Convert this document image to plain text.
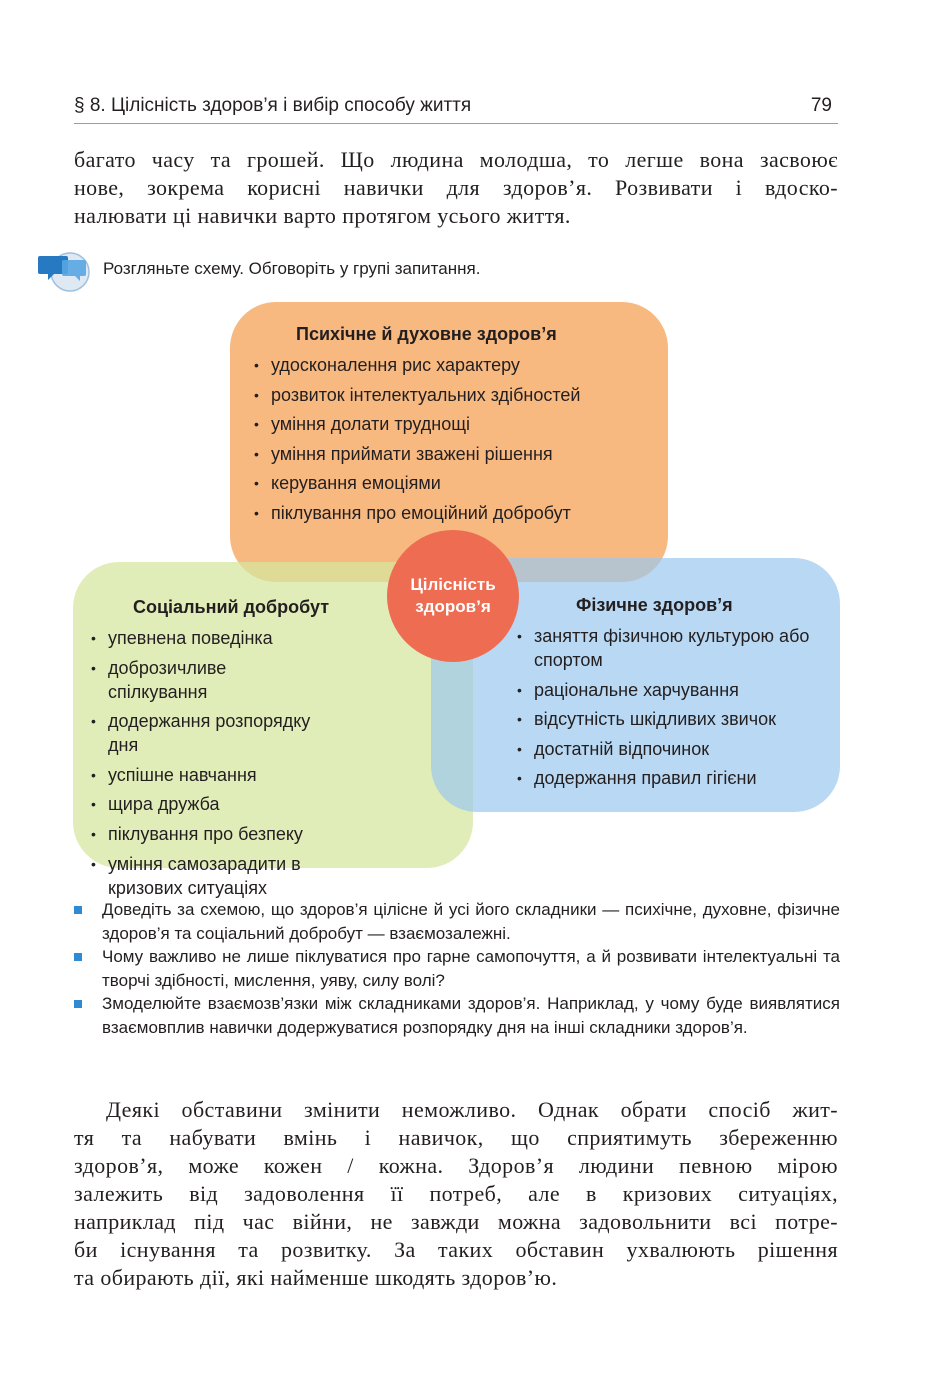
§ 8. Цілісність здоров’я і вибір способу життя	79
багато часу та грошей. Що людина молодша, то легше вона засвоює
нове, зокрема корисні навички для здоров’я. Розвивати і вдоско-
налювати ці навички варто протягом усього життя.
Розгляньте схему. Обговоріть у групі запитання.
Психічне й духовне здоров’я
• удосконалення рис характеру
• розвиток інтелектуальних здібностей
• уміння долати труднощі
• уміння приймати зважені рішення
• керування емоціями
• піклування про емоційний добробут
Соціальний добробут
• упевнена поведінка
• доброзичливе спілкування
• додержання розпорядку дня
• успішне навчання
• щира дружба
• піклування про безпеку
• уміння самозарадити в кризових ситуаціях
Фізичне здоров’я
• заняття фізичною культурою або спортом
• раціональне харчування
• відсутність шкідливих звичок
• достатній відпочинок
• додержання правил гігієни
Цілісність
здоров’я
Доведіть за схемою, що здоров’я цілісне й усі його складники — психічне, духовне, фізичне здоров’я та соціальний добробут — взаємозалежні.
Чому важливо не лише піклуватися про гарне самопочуття, а й розвивати інтелектуальні та творчі здібності, мислення, уяву, силу волі?
Змоделюйте взаємозв’язки між складниками здоров’я. Наприклад, у чому буде виявлятися взаємовплив навички додержуватися розпорядку дня на інші складники здоров’я.
Деякі обставини змінити неможливо. Однак обрати спосіб жит-
тя та набувати вмінь і навичок, що сприятимуть збереженню
здоров’я, може кожен / кожна. Здоров’я людини певною мірою
залежить від задоволення її потреб, але в кризових ситуаціях,
наприклад під час війни, не завжди можна задовольнити всі потре-
би існування та розвитку. За таких обставин ухвалюють рішення
та обирають дії, які найменше шкодять здоров’ю.
